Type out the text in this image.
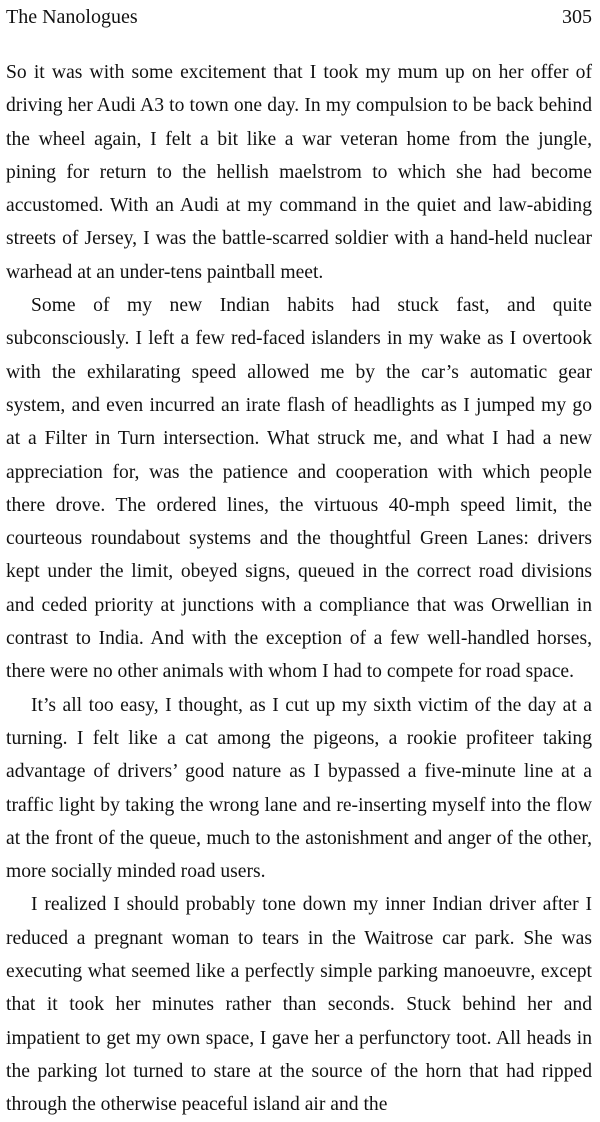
The Nanologues	305

So it was with some excitement that I took my mum up on her offer of driving her Audi A3 to town one day. In my compulsion to be back behind the wheel again, I felt a bit like a war veteran home from the jungle, pining for return to the hellish maelstrom to which she had become accustomed. With an Audi at my command in the quiet and law-abiding streets of Jersey, I was the battle-scarred soldier with a hand-held nuclear warhead at an under-tens paintball meet.

Some of my new Indian habits had stuck fast, and quite subconsciously. I left a few red-faced islanders in my wake as I overtook with the exhilarating speed allowed me by the car’s automatic gear system, and even incurred an irate flash of headlights as I jumped my go at a Filter in Turn intersection. What struck me, and what I had a new appreciation for, was the patience and cooperation with which people there drove. The ordered lines, the virtuous 40-mph speed limit, the courteous roundabout systems and the thoughtful Green Lanes: drivers kept under the limit, obeyed signs, queued in the correct road divisions and ceded priority at junctions with a compliance that was Orwellian in contrast to India. And with the exception of a few well-handled horses, there were no other animals with whom I had to compete for road space.

It’s all too easy, I thought, as I cut up my sixth victim of the day at a turning. I felt like a cat among the pigeons, a rookie profiteer taking advantage of drivers’ good nature as I bypassed a five-minute line at a traffic light by taking the wrong lane and re-inserting myself into the flow at the front of the queue, much to the astonishment and anger of the other, more socially minded road users.

I realized I should probably tone down my inner Indian driver after I reduced a pregnant woman to tears in the Waitrose car park. She was executing what seemed like a perfectly simple parking manoeuvre, except that it took her minutes rather than seconds. Stuck behind her and impatient to get my own space, I gave her a perfunctory toot. All heads in the parking lot turned to stare at the source of the horn that had ripped through the otherwise peaceful island air and the
